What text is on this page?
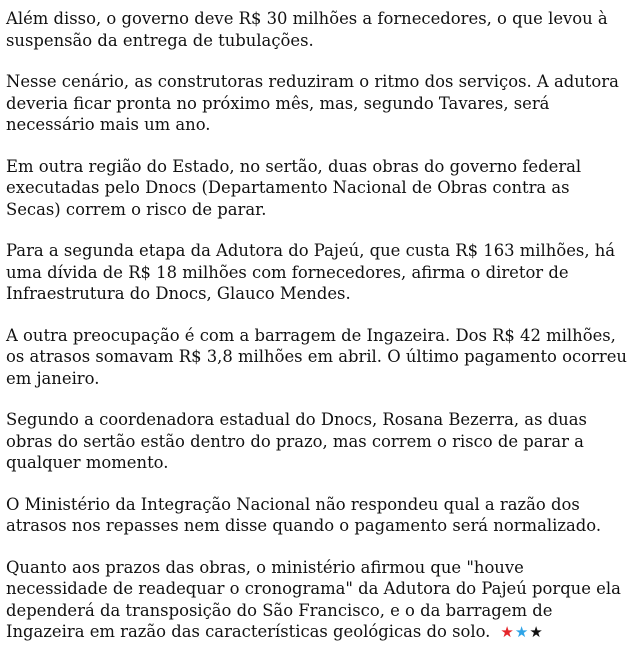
Além disso, o governo deve R$ 30 milhões a fornecedores, o que levou à suspensão da entrega de tubulações.

Nesse cenário, as construtoras reduziram o ritmo dos serviços. A adutora deveria ficar pronta no próximo mês, mas, segundo Tavares, será necessário mais um ano.

Em outra região do Estado, no sertão, duas obras do governo federal executadas pelo Dnocs (Departamento Nacional de Obras contra as Secas) correm o risco de parar.

Para a segunda etapa da Adutora do Pajeú, que custa R$ 163 milhões, há uma dívida de R$ 18 milhões com fornecedores, afirma o diretor de Infraestrutura do Dnocs, Glauco Mendes.

A outra preocupação é com a barragem de Ingazeira. Dos R$ 42 milhões, os atrasos somavam R$ 3,8 milhões em abril. O último pagamento ocorreu em janeiro.

Segundo a coordenadora estadual do Dnocs, Rosana Bezerra, as duas obras do sertão estão dentro do prazo, mas correm o risco de parar a qualquer momento.

O Ministério da Integração Nacional não respondeu qual a razão dos atrasos nos repasses nem disse quando o pagamento será normalizado.

Quanto aos prazos das obras, o ministério afirmou que "houve necessidade de readequar o cronograma" da Adutora do Pajeú porque ela dependerá da transposição do São Francisco, e o da barragem de Ingazeira em razão das características geológicas do solo. ★★★
